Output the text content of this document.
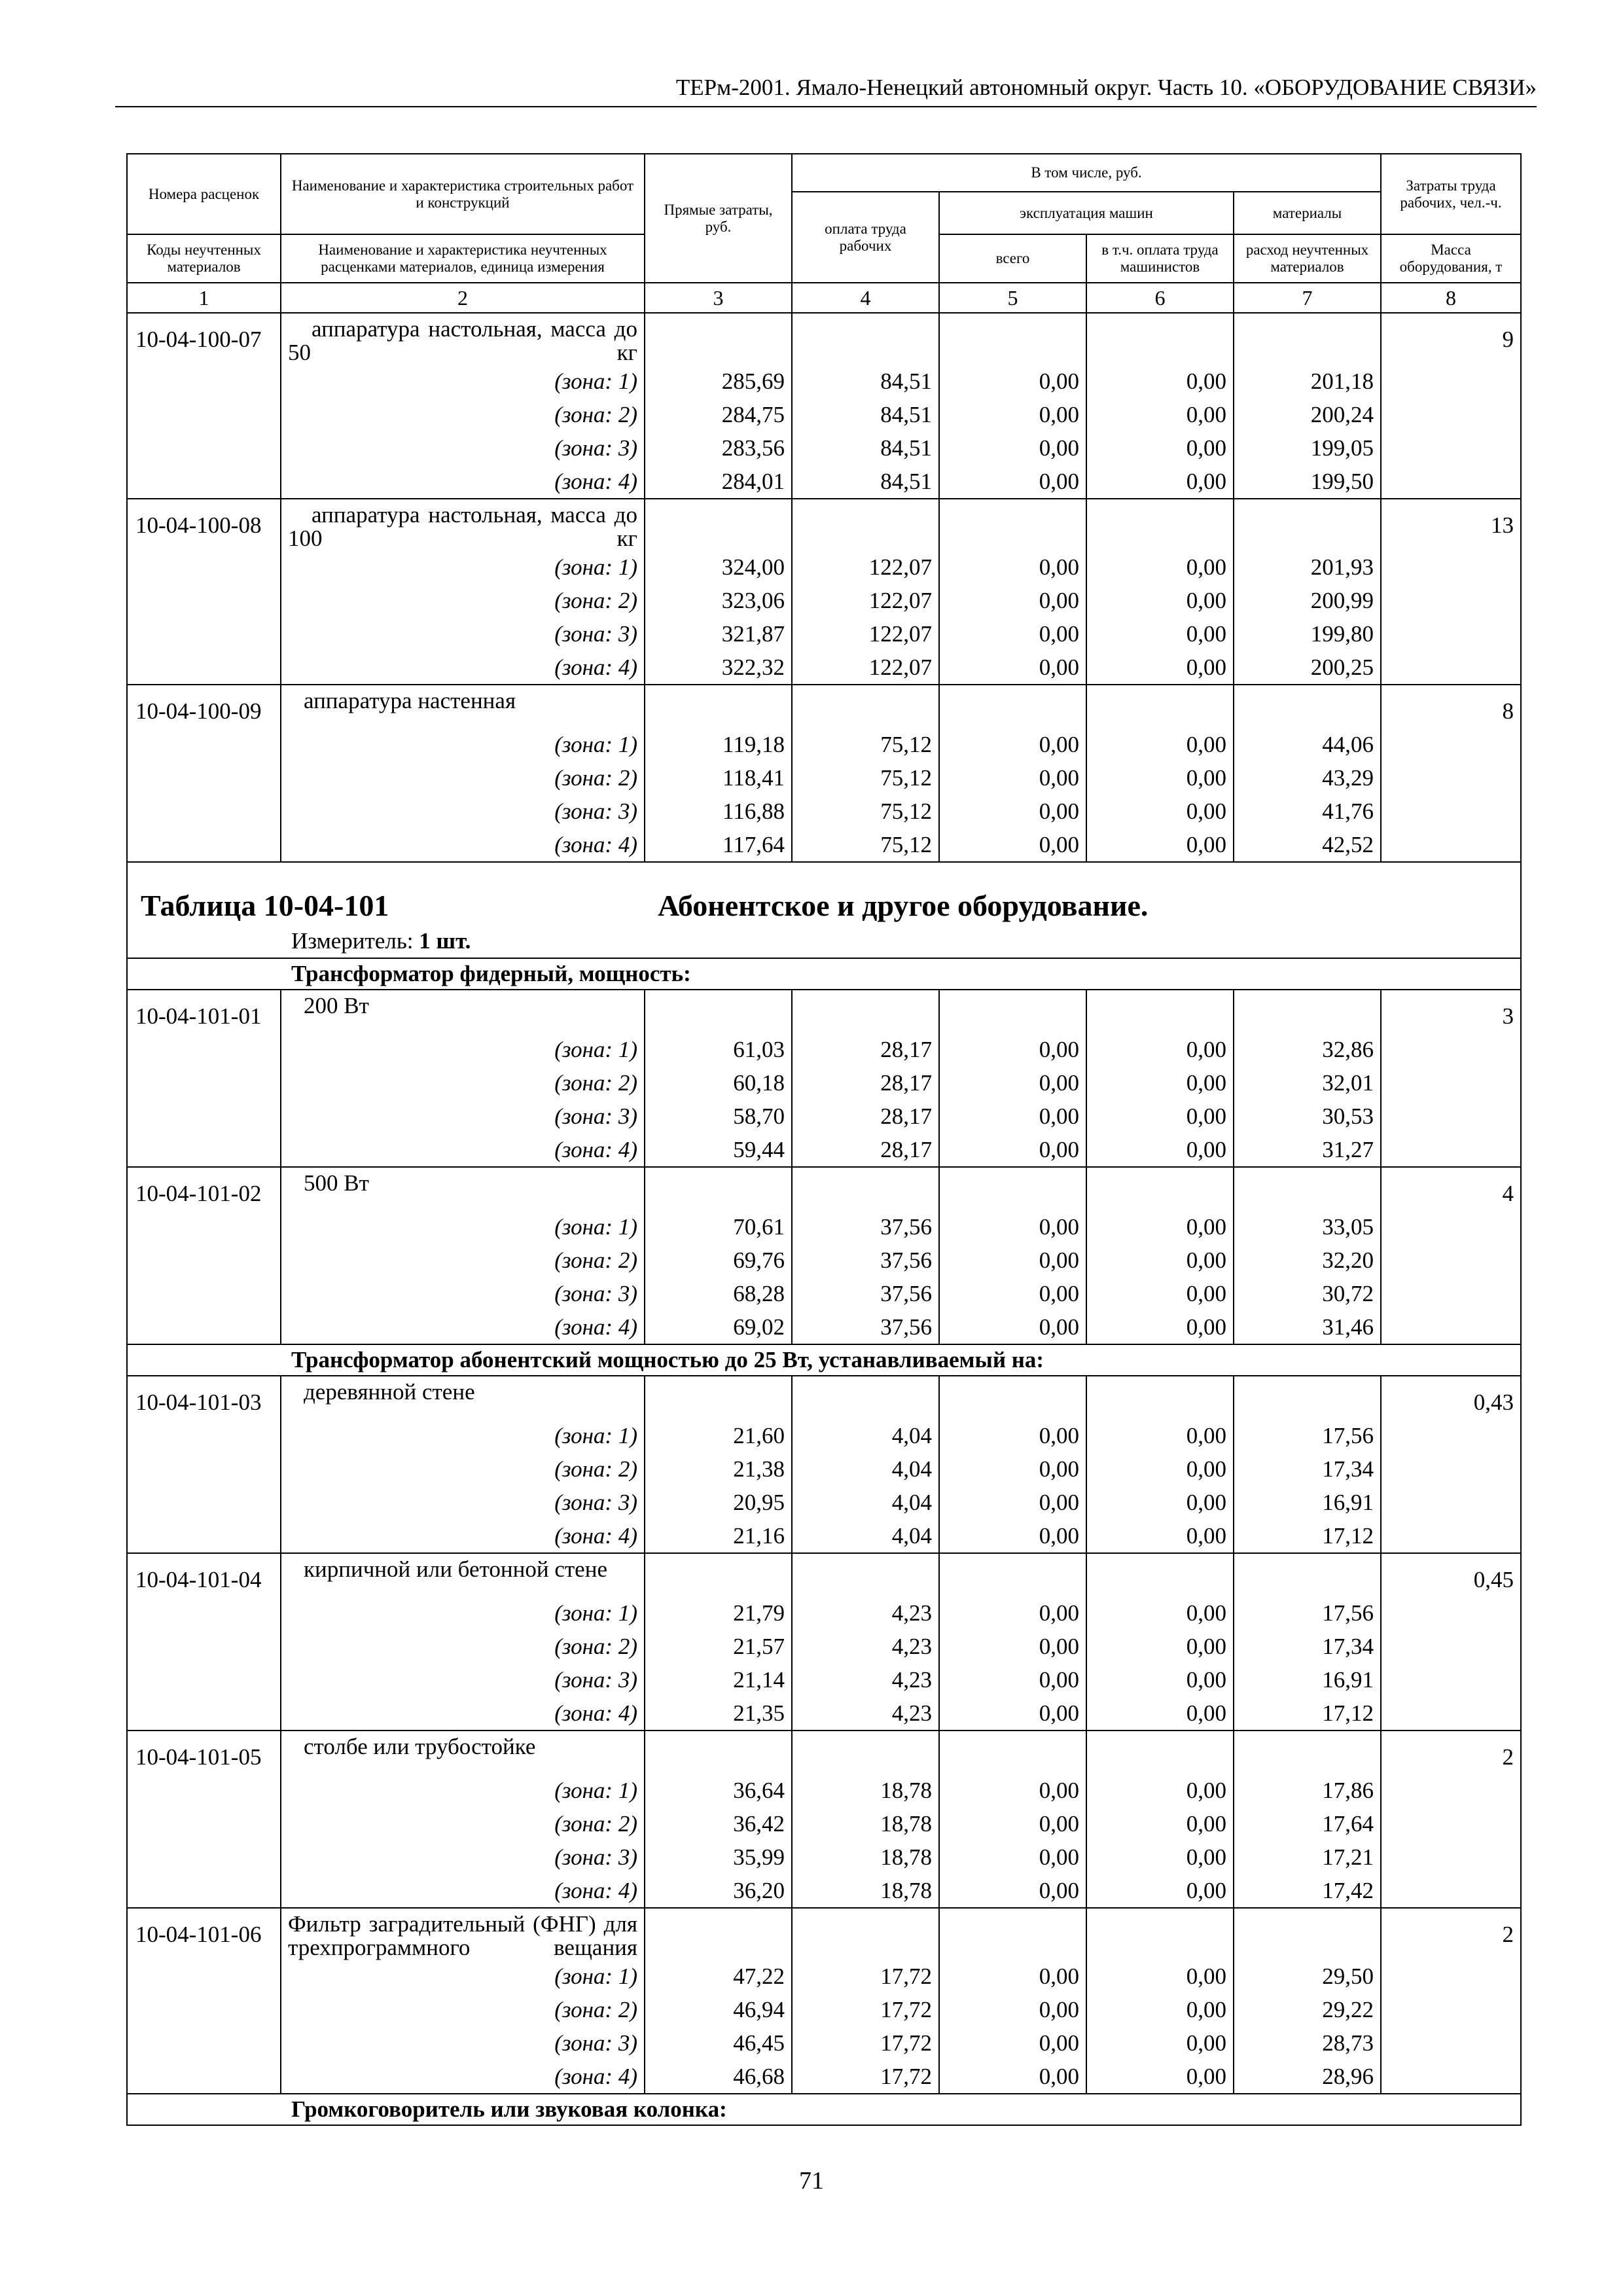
ТЕРм-2001. Ямало-Ненецкий автономный округ. Часть 10. «ОБОРУДОВАНИЕ СВЯЗИ»
Номера расценок	Наименование и характеристика строительных работ и конструкций	Прямые затраты, руб.	В том числе, руб.				Затраты труда рабочих, чел.-ч.
			оплата труда рабочих	эксплуатация машин		материалы	
Коды неучтенных материалов	Наименование и характеристика неучтенных расценками материалов, единица измерения			всего	в т.ч. оплата труда машинистов	расход неучтенных материалов	Масса оборудования, т
1	2	3	4	5	6	7	8
10-04-100-07	аппаратура настольная, масса до 50 кг						9
	(зона: 1)	285,69	84,51	0,00	0,00	201,18	
	(зона: 2)	284,75	84,51	0,00	0,00	200,24	
	(зона: 3)	283,56	84,51	0,00	0,00	199,05	
	(зона: 4)	284,01	84,51	0,00	0,00	199,50	
10-04-100-08	аппаратура настольная, масса до 100 кг						13
	(зона: 1)	324,00	122,07	0,00	0,00	201,93	
	(зона: 2)	323,06	122,07	0,00	0,00	200,99	
	(зона: 3)	321,87	122,07	0,00	0,00	199,80	
	(зона: 4)	322,32	122,07	0,00	0,00	200,25	
10-04-100-09	аппаратура настенная						8
	(зона: 1)	119,18	75,12	0,00	0,00	44,06	
	(зона: 2)	118,41	75,12	0,00	0,00	43,29	
	(зона: 3)	116,88	75,12	0,00	0,00	41,76	
	(зона: 4)	117,64	75,12	0,00	0,00	42,52	
Таблица 10-04-101 Абонентское и другое оборудование.							
Измеритель: 1 шт.							
Трансформатор фидерный, мощность:							
10-04-101-01	200 Вт						3
	(зона: 1)	61,03	28,17	0,00	0,00	32,86	
	(зона: 2)	60,18	28,17	0,00	0,00	32,01	
	(зона: 3)	58,70	28,17	0,00	0,00	30,53	
	(зона: 4)	59,44	28,17	0,00	0,00	31,27	
10-04-101-02	500 Вт						4
	(зона: 1)	70,61	37,56	0,00	0,00	33,05	
	(зона: 2)	69,76	37,56	0,00	0,00	32,20	
	(зона: 3)	68,28	37,56	0,00	0,00	30,72	
	(зона: 4)	69,02	37,56	0,00	0,00	31,46	
Трансформатор абонентский мощностью до 25 Вт, устанавливаемый на:							
10-04-101-03	деревянной стене						0,43
	(зона: 1)	21,60	4,04	0,00	0,00	17,56	
	(зона: 2)	21,38	4,04	0,00	0,00	17,34	
	(зона: 3)	20,95	4,04	0,00	0,00	16,91	
	(зона: 4)	21,16	4,04	0,00	0,00	17,12	
10-04-101-04	кирпичной или бетонной стене						0,45
	(зона: 1)	21,79	4,23	0,00	0,00	17,56	
	(зона: 2)	21,57	4,23	0,00	0,00	17,34	
	(зона: 3)	21,14	4,23	0,00	0,00	16,91	
	(зона: 4)	21,35	4,23	0,00	0,00	17,12	
10-04-101-05	столбе или трубостойке						2
	(зона: 1)	36,64	18,78	0,00	0,00	17,86	
	(зона: 2)	36,42	18,78	0,00	0,00	17,64	
	(зона: 3)	35,99	18,78	0,00	0,00	17,21	
	(зона: 4)	36,20	18,78	0,00	0,00	17,42	
10-04-101-06	Фильтр заградительный (ФНГ) для трехпрограммного вещания						2
	(зона: 1)	47,22	17,72	0,00	0,00	29,50	
	(зона: 2)	46,94	17,72	0,00	0,00	29,22	
	(зона: 3)	46,45	17,72	0,00	0,00	28,73	
	(зона: 4)	46,68	17,72	0,00	0,00	28,96	
Громкоговоритель или звуковая колонка:							
71
